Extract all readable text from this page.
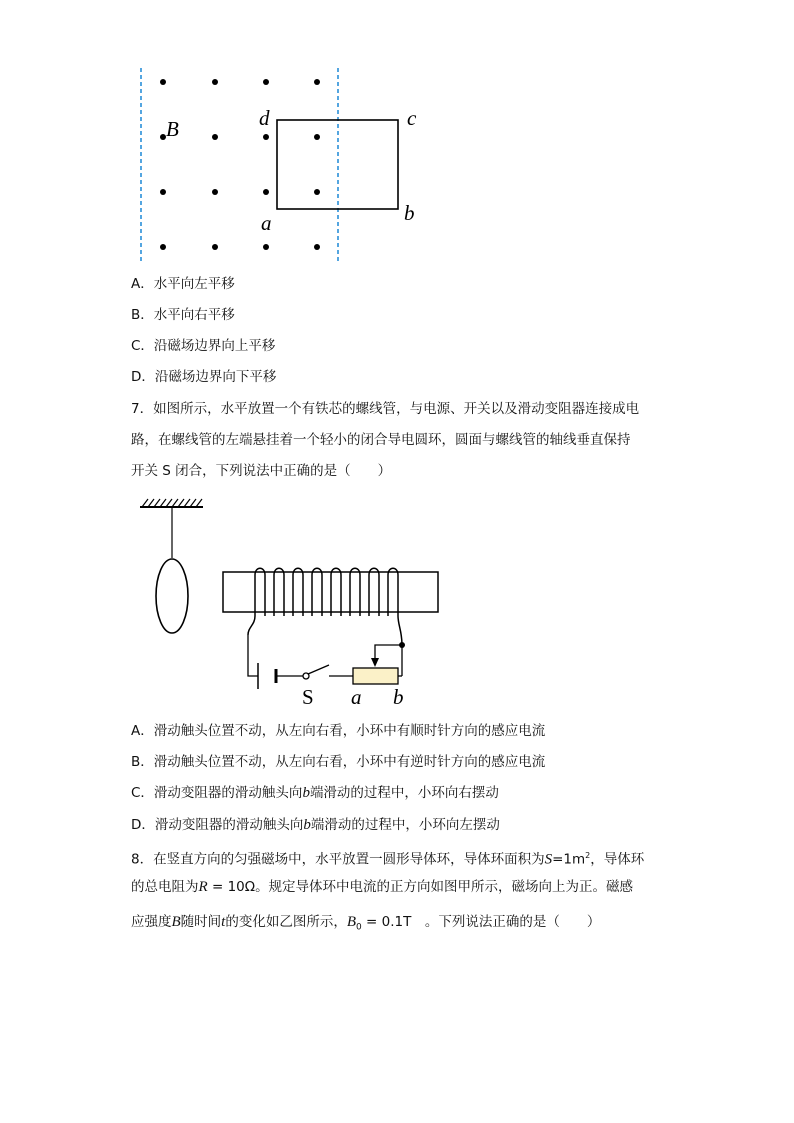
B	d	c
a	b
A．水平向左平移
B．水平向右平移
C．沿磁场边界向上平移
D．沿磁场边界向下平移
7．如图所示，水平放置一个有铁芯的螺线管，与电源、开关以及滑动变阻器连接成电
路，在螺线管的左端悬挂着一个轻小的闭合导电圆环，圆面与螺线管的轴线垂直保持
开关 S 闭合，下列说法中正确的是（　　）
S a b
A．滑动触头位置不动，从左向右看，小环中有顺时针方向的感应电流
B．滑动触头位置不动，从左向右看，小环中有逆时针方向的感应电流
C．滑动变阻器的滑动触头向b端滑动的过程中，小环向右摆动
D．滑动变阻器的滑动触头向b端滑动的过程中，小环向左摆动
8．在竖直方向的匀强磁场中，水平放置一圆形导体环，导体环面积为$S=1m^2$，导体环
的总电阻为R = 10Ω。规定导体环中电流的正方向如图甲所示，磁场向上为正。磁感
应强度B随时间t的变化如乙图所示，$B_0 = 0.1T$　。下列说法正确的是（　　）
